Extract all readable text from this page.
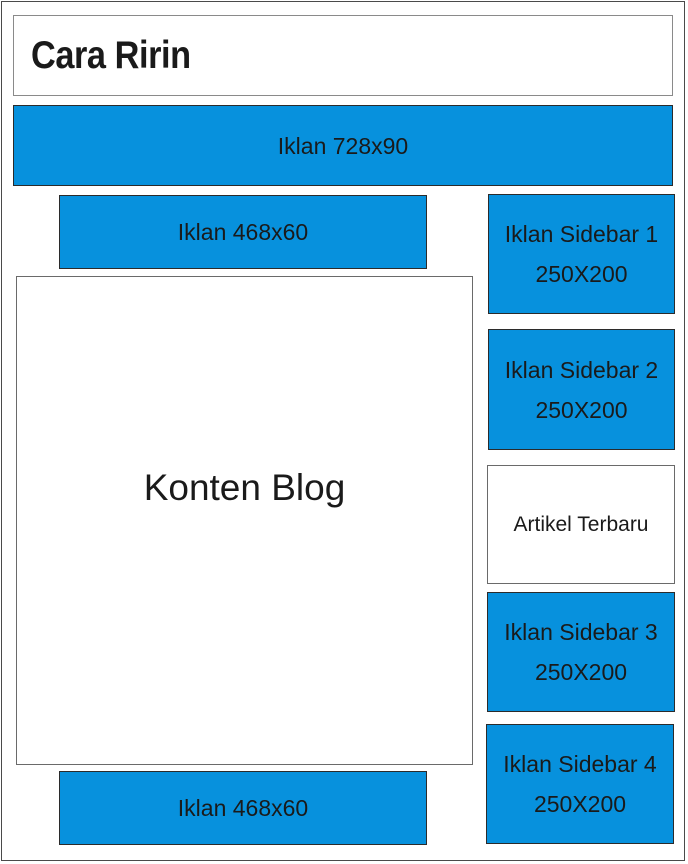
Cara Ririn
Iklan 728x90
Iklan 468x60
Konten Blog
Iklan 468x60
Iklan Sidebar 1
250X200
Iklan Sidebar 2
250X200
Artikel Terbaru
Iklan Sidebar 3
250X200
Iklan Sidebar 4
250X200
